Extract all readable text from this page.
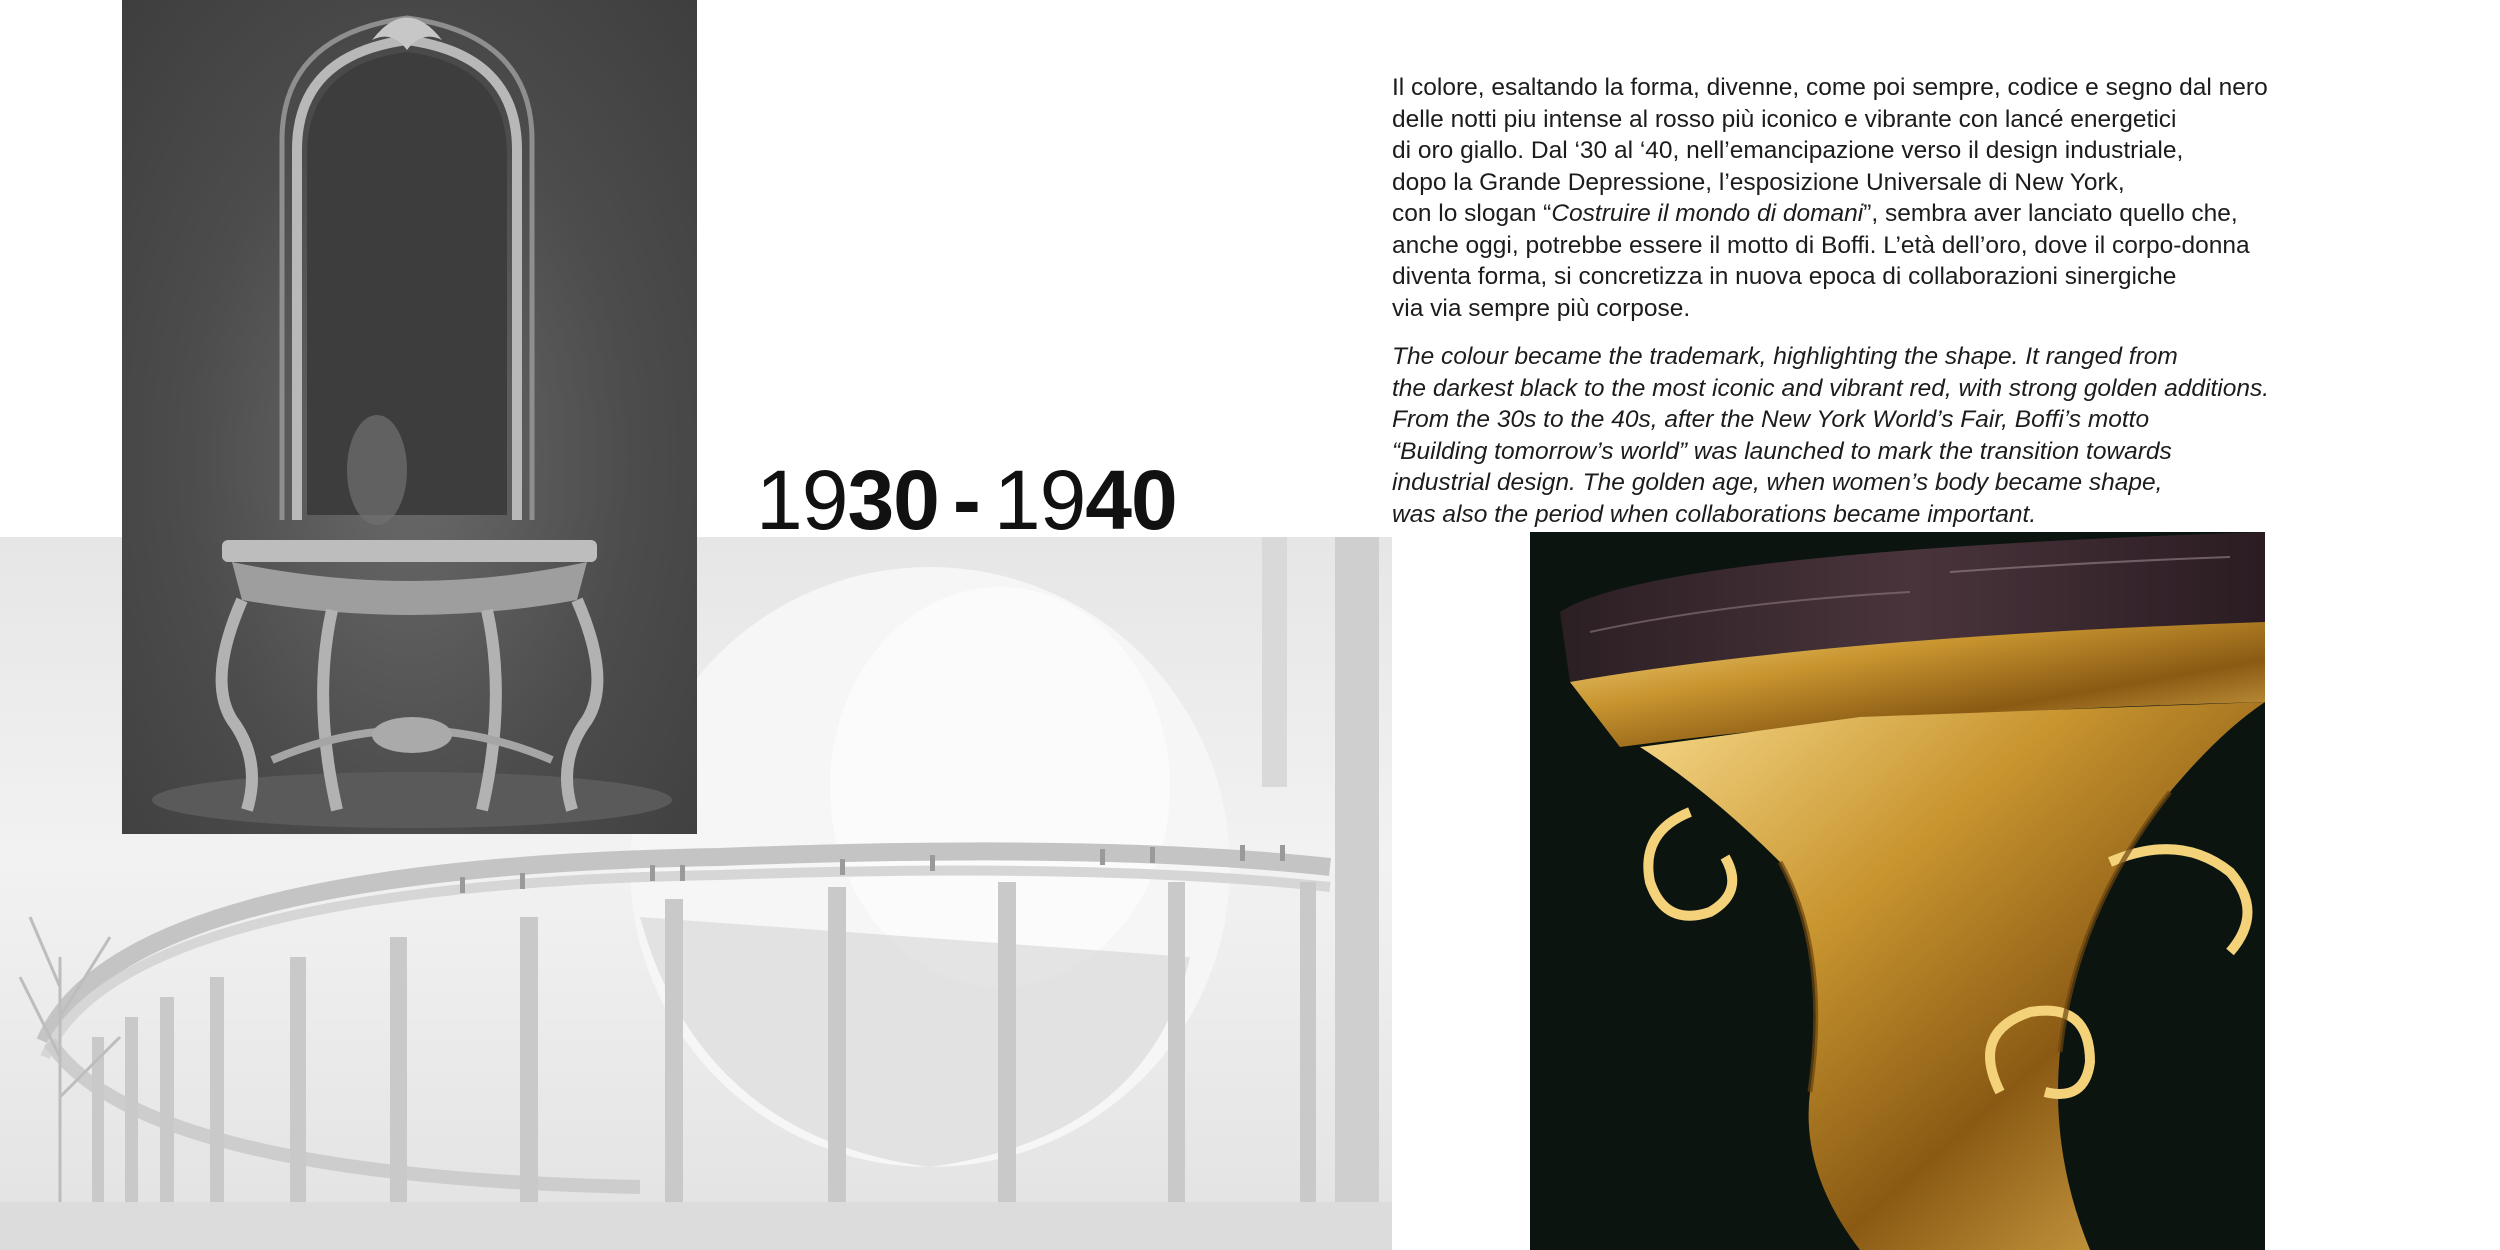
1930 - 1940

Il colore, esaltando la forma, divenne, come poi sempre, codice e segno dal nero
delle notti piu intense al rosso più iconico e vibrante con lancé energetici
di oro giallo. Dal ‘30 al ‘40, nell’emancipazione verso il design industriale,
dopo la Grande Depressione, l’esposizione Universale di New York,
con lo slogan “Costruire il mondo di domani”, sembra aver lanciato quello che,
anche oggi, potrebbe essere il motto di Boffi. L’età dell’oro, dove il corpo-donna
diventa forma, si concretizza in nuova epoca di collaborazioni sinergiche
via via sempre più corpose.

The colour became the trademark, highlighting the shape. It ranged from
the darkest black to the most iconic and vibrant red, with strong golden additions.
From the 30s to the 40s, after the New York World’s Fair, Boffi’s motto
“Building tomorrow’s world” was launched to mark the transition towards
industrial design. The golden age, when women’s body became shape,
was also the period when collaborations became important.
